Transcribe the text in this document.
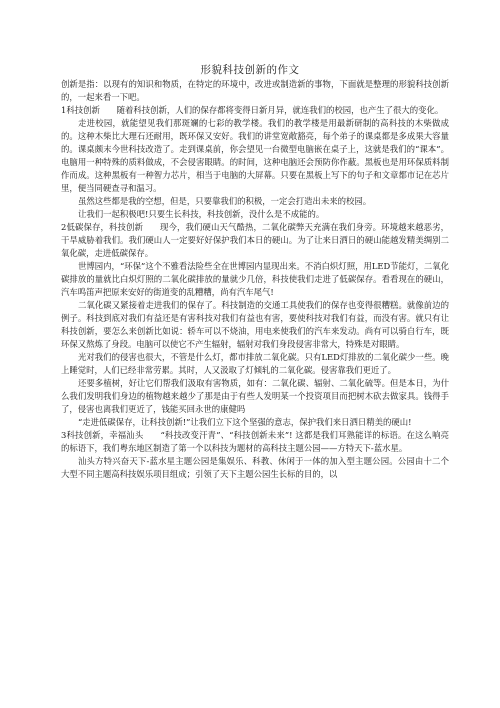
形貌科技创新的作文

创新是指：以现有的知识和物质，在特定的环境中，改进或制造新的事物，下面就是整理的形貌科技创新的，一起来看一下吧。

1科技创新　　随着科技创新，人们的保存都将变得日新月异，就连我们的校园，也产生了很大的变化。

走进校园，就能望见我们那斑斓的七彩的教学楼。我们的教学楼是用最新研制的高科技的木柴做成的。这种木柴比大理石还耐用，既环保又安好。我们的讲堂宽敞豁亮，每个弟子的课桌都是多成果大容量的。课桌颇末今世科技改造了。走到课桌前，你会望见一台微型电脑嵌在桌子上，这就是我们的“课本”。电脑用一种特殊的质料做成，不会侵害眼睛。的时间，这种电脑还会预防你作蔽。黑板也是用环保质料制作而成。这种黑板有一种智力芯片，相当于电脑的大屏幕。只要在黑板上写下的句子和文章都市记在芯片里，便当同硬查寻和温习。

虽然这些都是我的空想，但是，只要靠我们的积极，一定会打造出未来的校园。

让我们一起积极吧!只要生长科技，科技创新，没什么是不成能的。

2低碳保存，科技创新　　现今，我们硬山天气酷热，二氧化碳弊天充满在我们身旁。环境越来越恶劣，干旱威胁着我们。我们硬山人一定要好好保护我们本日的硬山。为了让来日洒日的硬山能越发精美绸别二氧化碳，走进低碳保存。

世博园内，“环保”这个不雅看法险些全在世博园内显现出来。不消白炽灯照，用LED节能灯，二氧化碳排放的量就比白炽灯照的二氧化碳排放的量就少几倍，科技使我们走进了低碳保存。看看现在的硬山，汽车鸣笛声把原来安好的街道变的乱糟糟，尚有汽车尾气!

二氧化碳又紧接着走进我们的保存了。科技制造的交通工具使我们的保存也变得很糟糕。就像前边的例子。科技到底对我们有益还是有害科技对我们有益也有害，要使科技对我们有益，而没有害。就只有让科技创新，要怎么来创新比如说：轿车可以不烧油，用电来使我们的汽车来发动。尚有可以骑自行车，既环保又熬炼了身段。电脑可以使它不产生辐射，辐射对我们身段侵害非常大，特殊是对眼睛。

光对我们的侵害也很大，不管是什么灯，都市排放二氧化碳。只有LED灯排放的二氧化碳少一些。晚上睡觉时，人们已经非常劳累。其时，人又汲取了灯倾轧的二氧化碳。侵害靠我们更近了。

还要多植树，好让它们帮我们汲取有害物质，如有：二氧化碳、辐射、二氧化硫等。但是本日，为什么我们发明我们身边的植物越来越少了那是由于有些人发明某一个投资项目而把树木砍去做家具。钱得手了，侵害也离我们更近了，钱能买回永世的康健吗

“走进低碳保存，让科技创新!”让我们立下这个坚强的意志，保护我们来日洒日精美的硬山!

3科技创新，幸福汕头　　“科技改变汗青”、“科技创新未来”! 这都是我们耳熟能详的标语。在这么响亮的标语下，我们粤东地区制造了第一个以科技为题材的高科技主题公园——方特天下-蓝水星。

汕头方特兴奋天下-蓝水星主题公园是集娱乐、科教、休闲于一体的加入型主题公园。公园由十二个大型不同主题高科技娱乐项目组成；引领了天下主题公园生长标的目的，以
